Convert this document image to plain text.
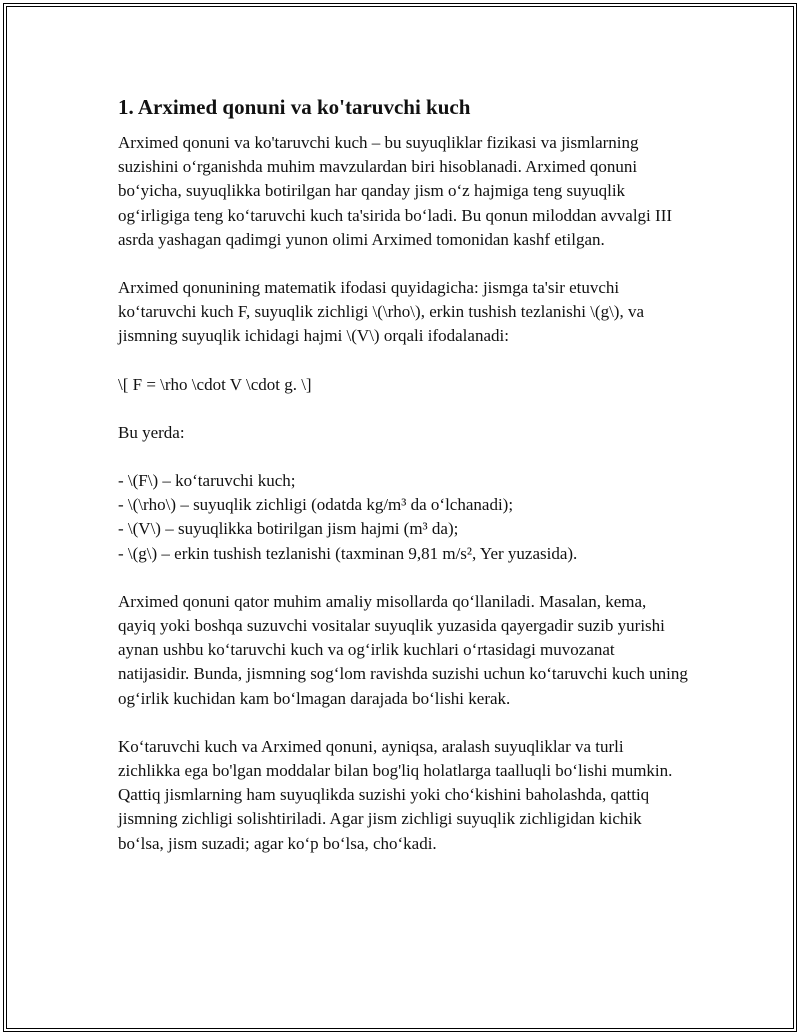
1. Arximed qonuni va ko'taruvchi kuch

Arximed qonuni va ko'taruvchi kuch – bu suyuqliklar fizikasi va jismlarning suzishini o‘rganishda muhim mavzulardan biri hisoblanadi. Arximed qonuni bo‘yicha, suyuqlikka botirilgan har qanday jism o‘z hajmiga teng suyuqlik og‘irligiga teng ko‘taruvchi kuch ta'sirida bo‘ladi. Bu qonun miloddan avvalgi III asrda yashagan qadimgi yunon olimi Arximed tomonidan kashf etilgan.

Arximed qonunining matematik ifodasi quyidagicha: jismga ta'sir etuvchi ko‘taruvchi kuch F, suyuqlik zichligi \(\rho\), erkin tushish tezlanishi \(g\), va jismning suyuqlik ichidagi hajmi \(V\) orqali ifodalanadi:

\[ F = \rho \cdot V \cdot g. \]

Bu yerda:

- \(F\) – ko‘taruvchi kuch;
- \(\rho\) – suyuqlik zichligi (odatda kg/m³ da o‘lchanadi);
- \(V\) – suyuqlikka botirilgan jism hajmi (m³ da);
- \(g\) – erkin tushish tezlanishi (taxminan 9,81 m/s², Yer yuzasida).

Arximed qonuni qator muhim amaliy misollarda qo‘llaniladi. Masalan, kema, qayiq yoki boshqa suzuvchi vositalar suyuqlik yuzasida qayergadir suzib yurishi aynan ushbu ko‘taruvchi kuch va og‘irlik kuchlari o‘rtasidagi muvozanat natijasidir. Bunda, jismning sog‘lom ravishda suzishi uchun ko‘taruvchi kuch uning og‘irlik kuchidan kam bo‘lmagan darajada bo‘lishi kerak.

Ko‘taruvchi kuch va Arximed qonuni, ayniqsa, aralash suyuqliklar va turli zichlikka ega bo'lgan moddalar bilan bog'liq holatlarga taalluqli bo‘lishi mumkin. Qattiq jismlarning ham suyuqlikda suzishi yoki cho‘kishini baholashda, qattiq jismning zichligi solishtiriladi. Agar jism zichligi suyuqlik zichligidan kichik bo‘lsa, jism suzadi; agar ko‘p bo‘lsa, cho‘kadi.
